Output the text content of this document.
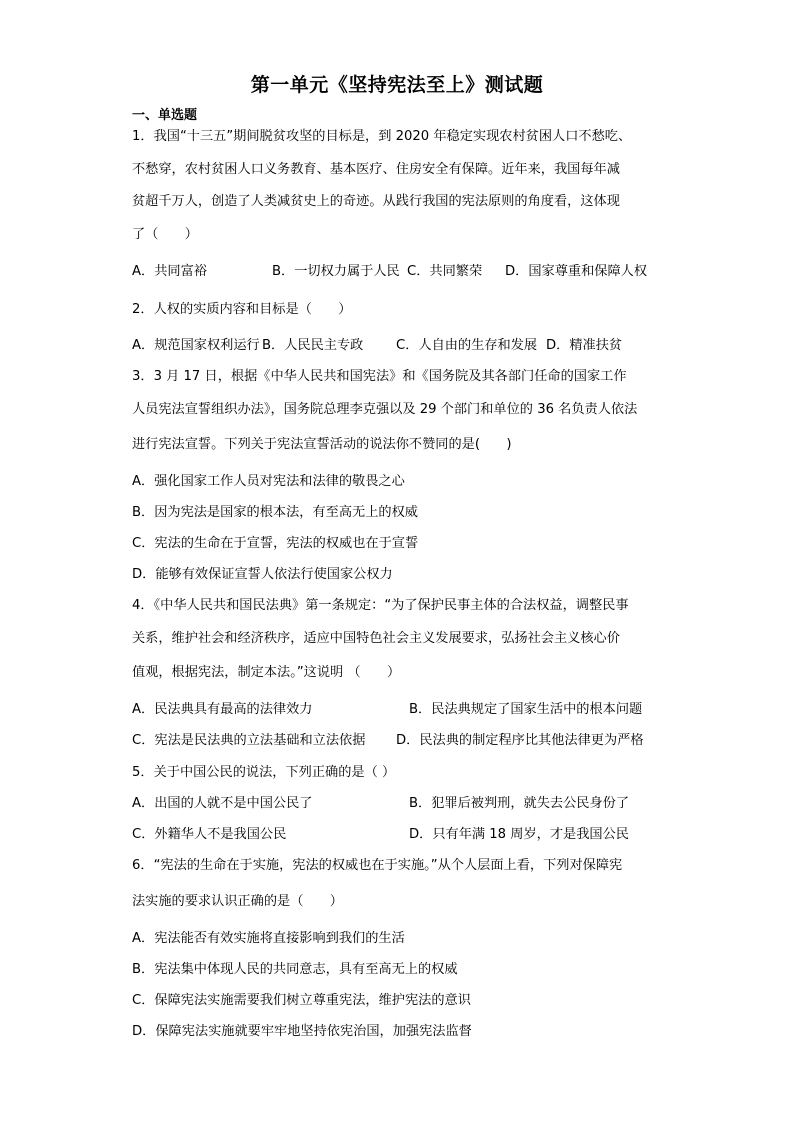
第一单元《坚持宪法至上》测试题
一、单选题
1．我国“十三五”期间脱贫攻坚的目标是，到 2020 年稳定实现农村贫困人口不愁吃、
不愁穿，农村贫困人口义务教育、基本医疗、住房安全有保障。近年来，我国每年减
贫超千万人，创造了人类减贫史上的奇迹。从践行我国的宪法原则的角度看，这体现
了（　　）
A．共同富裕	B．一切权力属于人民 C．共同繁荣 D．国家尊重和保障人权
2．人权的实质内容和目标是（　　）
A．规范国家权利运行 B．人民民主专政 C．人自由的生存和发展 D．精准扶贫
3．3 月 17 日，根据《中华人民共和国宪法》和《国务院及其各部门任命的国家工作
人员宪法宣誓组织办法》，国务院总理李克强以及 29 个部门和单位的 36 名负责人依法
进行宪法宣誓。下列关于宪法宣誓活动的说法你不赞同的是(　　)
A．强化国家工作人员对宪法和法律的敬畏之心
B．因为宪法是国家的根本法，有至高无上的权威
C．宪法的生命在于宣誓，宪法的权威也在于宣誓
D．能够有效保证宣誓人依法行使国家公权力
4．《中华人民共和国民法典》第一条规定：“为了保护民事主体的合法权益，调整民事
关系，维护社会和经济秩序，适应中国特色社会主义发展要求，弘扬社会主义核心价
值观，根据宪法，制定本法。”这说明 （　　）
A．民法典具有最高的法律效力	B．民法典规定了国家生活中的根本问题
C．宪法是民法典的立法基础和立法依据 D．民法典的制定程序比其他法律更为严格
5．关于中国公民的说法，下列正确的是（ ）
A．出国的人就不是中国公民了	B．犯罪后被判刑，就失去公民身份了
C．外籍华人不是我国公民	D．只有年满 18 周岁，才是我国公民
6．“宪法的生命在于实施，宪法的权威也在于实施。”从个人层面上看，下列对保障宪
法实施的要求认识正确的是（　　）
A．宪法能否有效实施将直接影响到我们的生活
B．宪法集中体现人民的共同意志，具有至高无上的权威
C．保障宪法实施需要我们树立尊重宪法，维护宪法的意识
D．保障宪法实施就要牢牢地坚持依宪治国，加强宪法监督
